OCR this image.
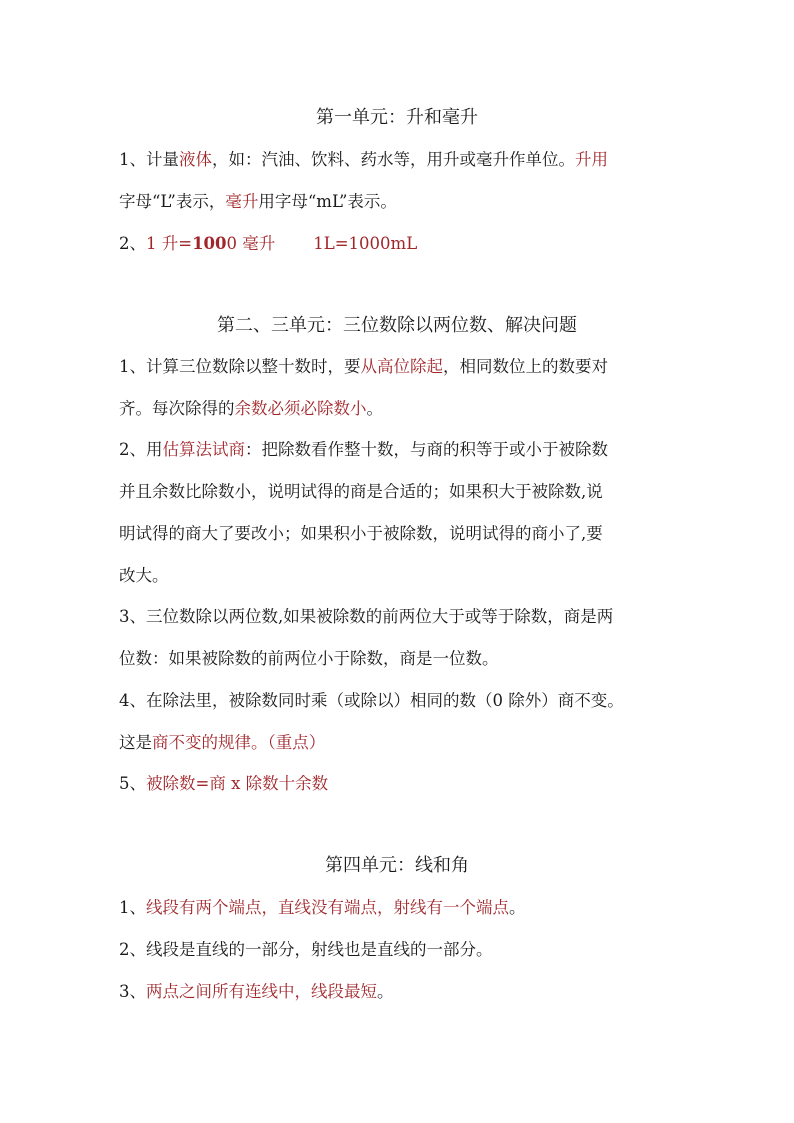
第一单元：升和毫升
1、计量液体，如：汽油、饮料、药水等，用升或毫升作单位。升用
字母“L”表示，毫升用字母“mL”表示。
2、1 升=1000 毫升 1L=1000mL
第二、三单元：三位数除以两位数、解决问题
1、计算三位数除以整十数时，要从高位除起，相同数位上的数要对
齐。每次除得的余数必须必除数小。
2、用估算法试商：把除数看作整十数，与商的积等于或小于被除数
并且余数比除数小，说明试得的商是合适的；如果积大于被除数,说
明试得的商大了要改小；如果积小于被除数，说明试得的商小了,要
改大。
3、三位数除以两位数,如果被除数的前两位大于或等于除数，商是两
位数：如果被除数的前两位小于除数，商是一位数。
4、在除法里，被除数同时乘（或除以）相同的数（0 除外）商不变。
这是商不变的规律。（重点）
5、被除数=商 x 除数十余数
第四单元：线和角
1、线段有两个端点，直线没有端点，射线有一个端点。
2、线段是直线的一部分，射线也是直线的一部分。
3、两点之间所有连线中，线段最短。
